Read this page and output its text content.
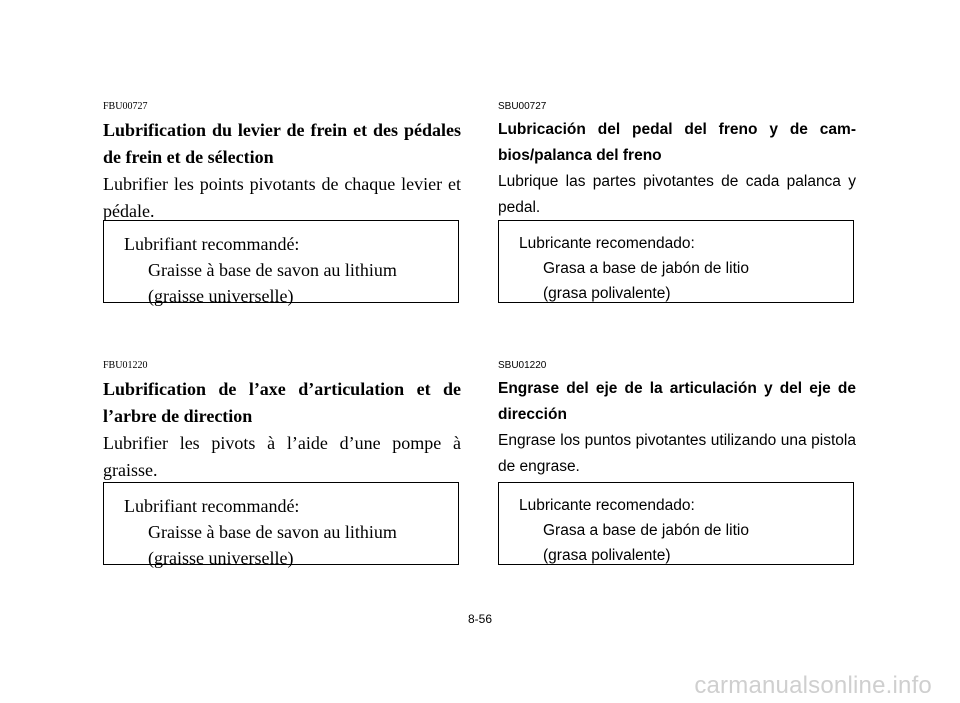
FBU00727

Lubrification du levier de frein et des pédales de frein et de sélection

Lubrifier les points pivotants de chaque levier et pédale.

Lubrifiant recommandé:
Graisse à base de savon au lithium
(graisse universelle)

FBU01220

Lubrification de l’axe d’articulation et de l’arbre de direction

Lubrifier les pivots à l’aide d’une pompe à graisse.

Lubrifiant recommandé:
Graisse à base de savon au lithium
(graisse universelle)

SBU00727

Lubricación del pedal del freno y de cam-bios/palanca del freno

Lubrique las partes pivotantes de cada palanca y pedal.

Lubricante recomendado:
Grasa a base de jabón de litio
(grasa polivalente)

SBU01220

Engrase del eje de la articulación y del eje de dirección

Engrase los puntos pivotantes utilizando una pistola de engrase.

Lubricante recomendado:
Grasa a base de jabón de litio
(grasa polivalente)
8-56
carmanualsonline.info
